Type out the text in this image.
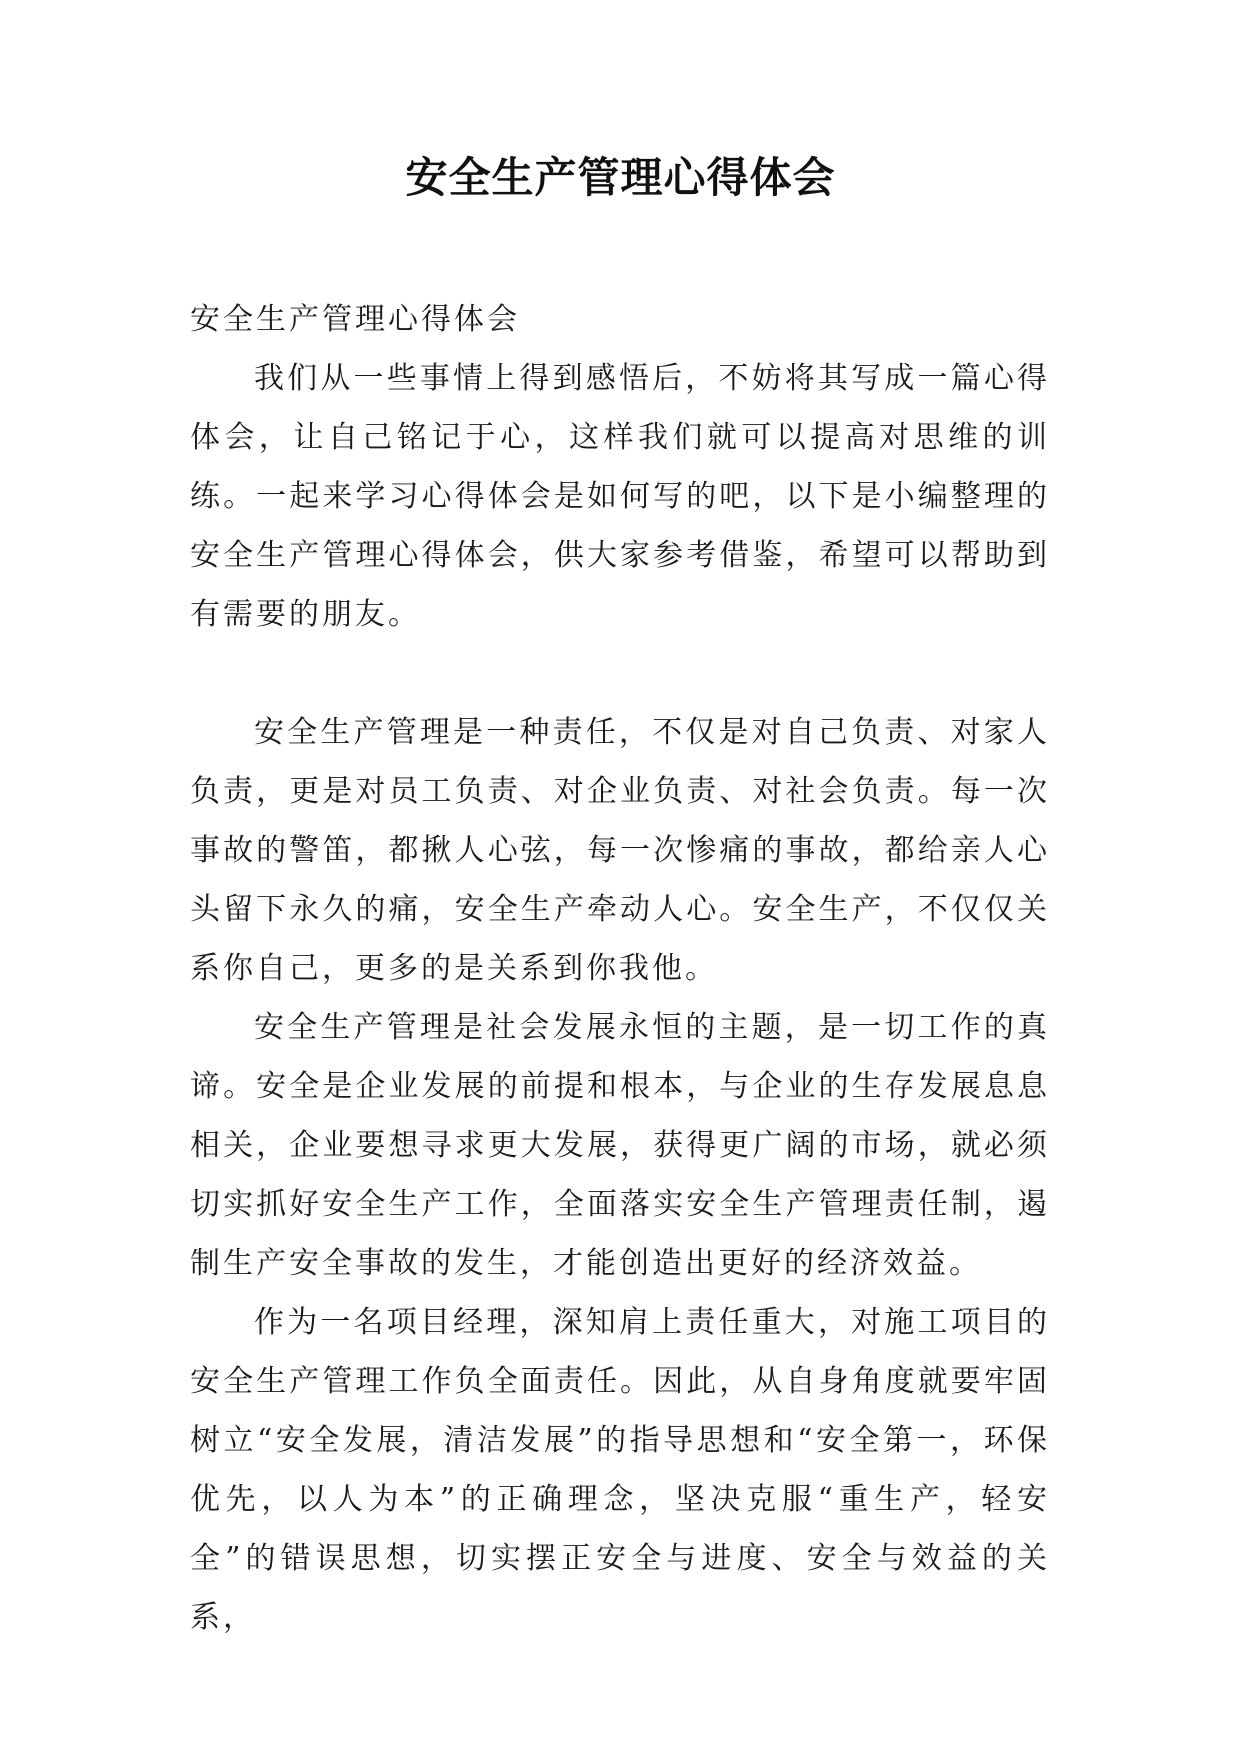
安全生产管理心得体会

安全生产管理心得体会

我们从一些事情上得到感悟后，不妨将其写成一篇心得体会，让自己铭记于心，这样我们就可以提高对思维的训练。一起来学习心得体会是如何写的吧，以下是小编整理的安全生产管理心得体会，供大家参考借鉴，希望可以帮助到有需要的朋友。

安全生产管理是一种责任，不仅是对自己负责、对家人负责，更是对员工负责、对企业负责、对社会负责。每一次事故的警笛，都揪人心弦，每一次惨痛的事故，都给亲人心头留下永久的痛，安全生产牵动人心。安全生产，不仅仅关系你自己，更多的是关系到你我他。

安全生产管理是社会发展永恒的主题，是一切工作的真谛。安全是企业发展的前提和根本，与企业的生存发展息息相关，企业要想寻求更大发展，获得更广阔的市场，就必须切实抓好安全生产工作，全面落实安全生产管理责任制，遏制生产安全事故的发生，才能创造出更好的经济效益。

作为一名项目经理，深知肩上责任重大，对施工项目的安全生产管理工作负全面责任。因此，从自身角度就要牢固树立“安全发展，清洁发展”的指导思想和“安全第一，环保优先，以人为本”的正确理念，坚决克服“重生产，轻安全”的错误思想，切实摆正安全与进度、安全与效益的关系，
